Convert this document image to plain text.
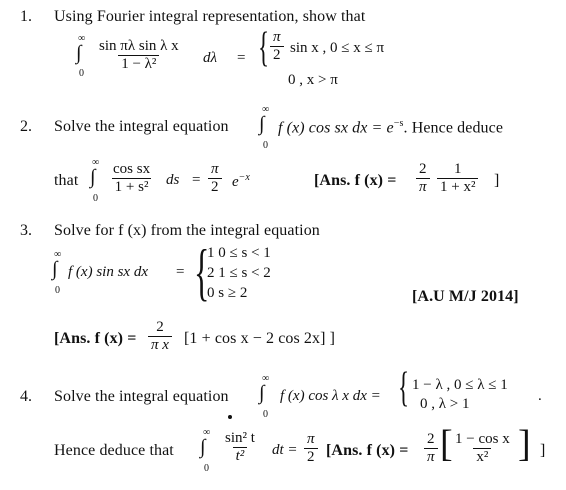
1. Using Fourier integral representation, show that
∞
∫
0
$\frac{\text{sin πλ sin λ x}}{\text{1 − λ²}}$ dλ = { $\frac{\pi}{2}$ sin x , 0 ≤ x ≤ π
0 , x > π
2. Solve the integral equation
∞
∫
0
f (x) cos sx dx = $e^{-s}$. Hence deduce
that
∞
∫
0
$\frac{\text{cos sx}}{\text{1 + s²}}$ ds = $\frac{\pi}{2} e^{-x}$	[Ans. f $(x) = \frac{2}{\pi} \frac{1}{\text{1 + x²}}$ ]
3. Solve for f (x) from the integral equation
∞
∫
0
f (x) sin sx dx = {
1 0 ≤ s < 1
2 1 ≤ s < 2
0 s ≥ 2	[A.U M/J 2014]
[Ans. f $(x) = \frac{2}{\text{π x}} [1 + \cos x - 2$ cos 2x] ]
4. Solve the integral equation
∞
∫
0
f (x) cos λ x dx = { 1 − λ , 0 ≤ λ ≤ 1
0 , λ > 1	.
Hence deduce that
∞
∫
0
$\frac{\text{sin² t}}{\text{t²}}$ dt = $\frac{\pi}{2} [Ans$. f $(x) = \frac{2}{\pi}$ [ $\frac{\text{1 − cos x}}{\text{x²}}$ ] ]
